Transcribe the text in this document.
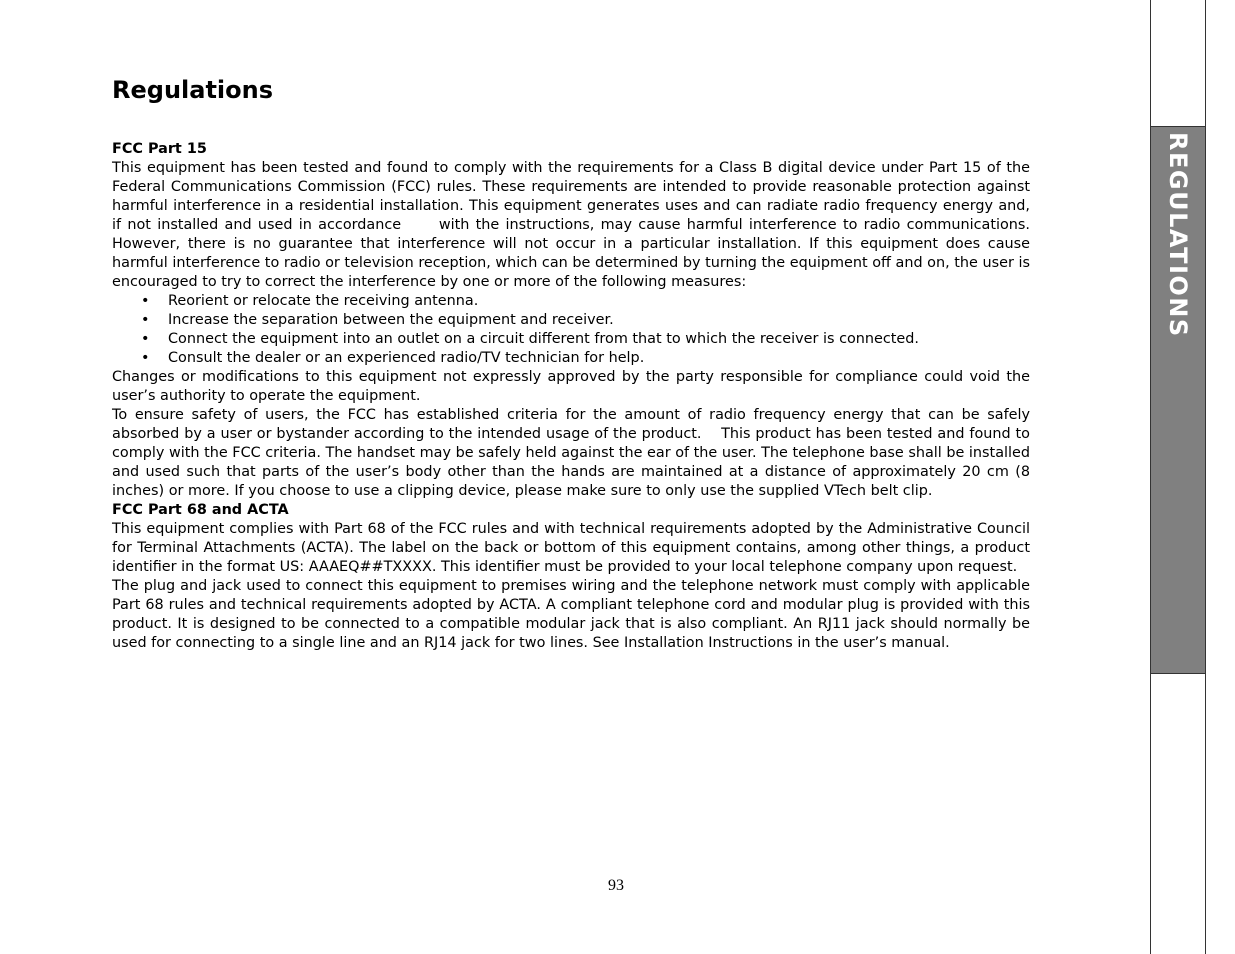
Regulations
FCC Part 15

This equipment has been tested and found to comply with the requirements for a Class B digital device under Part 15 of the Federal Communications Commission (FCC) rules. These requirements are intended to provide reasonable protection against harmful interference in a residential installation. This equipment generates uses and can radiate radio frequency energy and, if not installed and used in accordance      with the instructions, may cause harmful interference to radio communications. However, there is no guarantee that interference will not occur in a particular installation. If this equipment does cause harmful interference to radio or television reception, which can be determined by turning the equipment off and on, the user is encouraged to try to correct the interference by one or more of the following measures:

• Reorient or relocate the receiving antenna.
• Increase the separation between the equipment and receiver.
• Connect the equipment into an outlet on a circuit different from that to which the receiver is connected.
• Consult the dealer or an experienced radio/TV technician for help.

Changes or modifications to this equipment not expressly approved by the party responsible for compliance could void the user’s authority to operate the equipment.

To ensure safety of users, the FCC has established criteria for the amount of radio frequency energy that can be safely absorbed by a user or bystander according to the intended usage of the product.    This product has been tested and found to comply with the FCC criteria. The handset may be safely held against the ear of the user. The telephone base shall be installed and used such that parts of the user’s body other than the hands are maintained at a distance of approximately 20 cm (8 inches) or more. If you choose to use a clipping device, please make sure to only use the supplied VTech belt clip.

FCC Part 68 and ACTA

This equipment complies with Part 68 of the FCC rules and with technical requirements adopted by the Administrative Council for Terminal Attachments (ACTA). The label on the back or bottom of this equipment contains, among other things, a product identifier in the format US: AAAEQ##TXXXX. This identifier must be provided to your local telephone company upon request.

The plug and jack used to connect this equipment to premises wiring and the telephone network must comply with applicable Part 68 rules and technical requirements adopted by ACTA. A compliant telephone cord and modular plug is provided with this product. It is designed to be connected to a compatible modular jack that is also compliant. An RJ11 jack should normally be used for connecting to a single line and an RJ14 jack for two lines. See Installation Instructions in the user’s manual.

REGULATIONS
93
